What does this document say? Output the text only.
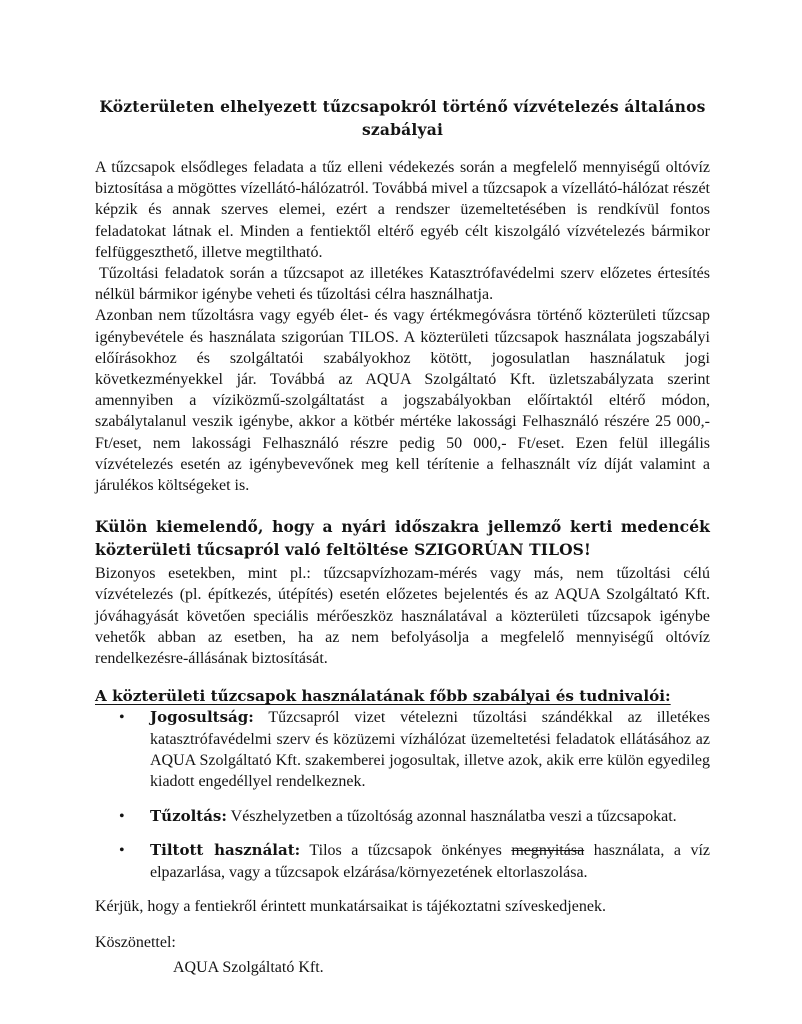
Közterületen elhelyezett tűzcsapokról történő vízvételezés általános
szabályai

A tűzcsapok elsődleges feladata a tűz elleni védekezés során a megfelelő mennyiségű oltóvíz biztosítása a mögöttes vízellátó-hálózatról. Továbbá mivel a tűzcsapok a vízellátó-hálózat részét képzik és annak szerves elemei, ezért a rendszer üzemeltetésében is rendkívül fontos feladatokat látnak el. Minden a fentiektől eltérő egyéb célt kiszolgáló vízvételezés bármikor felfüggeszthető, illetve megtiltható.

Tűzoltási feladatok során a tűzcsapot az illetékes Katasztrófavédelmi szerv előzetes értesítés nélkül bármikor igénybe veheti és tűzoltási célra használhatja.

Azonban nem tűzoltásra vagy egyéb élet- és vagy értékmegóvásra történő közterületi tűzcsap igénybevétele és használata szigorúan TILOS. A közterületi tűzcsapok használata jogszabályi előírásokhoz és szolgáltatói szabályokhoz kötött, jogosulatlan használatuk jogi következményekkel jár. Továbbá az AQUA Szolgáltató Kft. üzletszabályzata szerint amennyiben a víziközmű-szolgáltatást a jogszabályokban előírtaktól eltérő módon, szabálytalanul veszik igénybe, akkor a kötbér mértéke lakossági Felhasználó részére 25 000,- Ft/eset, nem lakossági Felhasználó részre pedig 50 000,- Ft/eset. Ezen felül illegális vízvételezés esetén az igénybevevőnek meg kell térítenie a felhasznált víz díját valamint a járulékos költségeket is.

Külön kiemelendő, hogy a nyári időszakra jellemző kerti medencék közterületi tűcsapról való feltöltése SZIGORÚAN TILOS!

Bizonyos esetekben, mint pl.: tűzcsapvízhozam-mérés vagy más, nem tűzoltási célú vízvételezés (pl. építkezés, útépítés) esetén előzetes bejelentés és az AQUA Szolgáltató Kft. jóváhagyását követően speciális mérőeszköz használatával a közterületi tűzcsapok igénybe vehetők abban az esetben, ha az nem befolyásolja a megfelelő mennyiségű oltóvíz rendelkezésre-állásának biztosítását.

A közterületi tűzcsapok használatának főbb szabályai és tudnivalói:
• Jogosultság: Tűzcsapról vizet vételezni tűzoltási szándékkal az illetékes katasztrófavédelmi szerv és közüzemi vízhálózat üzemeltetési feladatok ellátásához az AQUA Szolgáltató Kft. szakemberei jogosultak, illetve azok, akik erre külön egyedileg kiadott engedéllyel rendelkeznek.
• Tűzoltás: Vészhelyzetben a tűzoltóság azonnal használatba veszi a tűzcsapokat.
• Tiltott használat: Tilos a tűzcsapok önkényes megnyitása használata, a víz elpazarlása, vagy a tűzcsapok elzárása/környezetének eltorlaszolása.

Kérjük, hogy a fentiekről érintett munkatársaikat is tájékoztatni szíveskedjenek.

Köszönettel:

AQUA Szolgáltató Kft.
